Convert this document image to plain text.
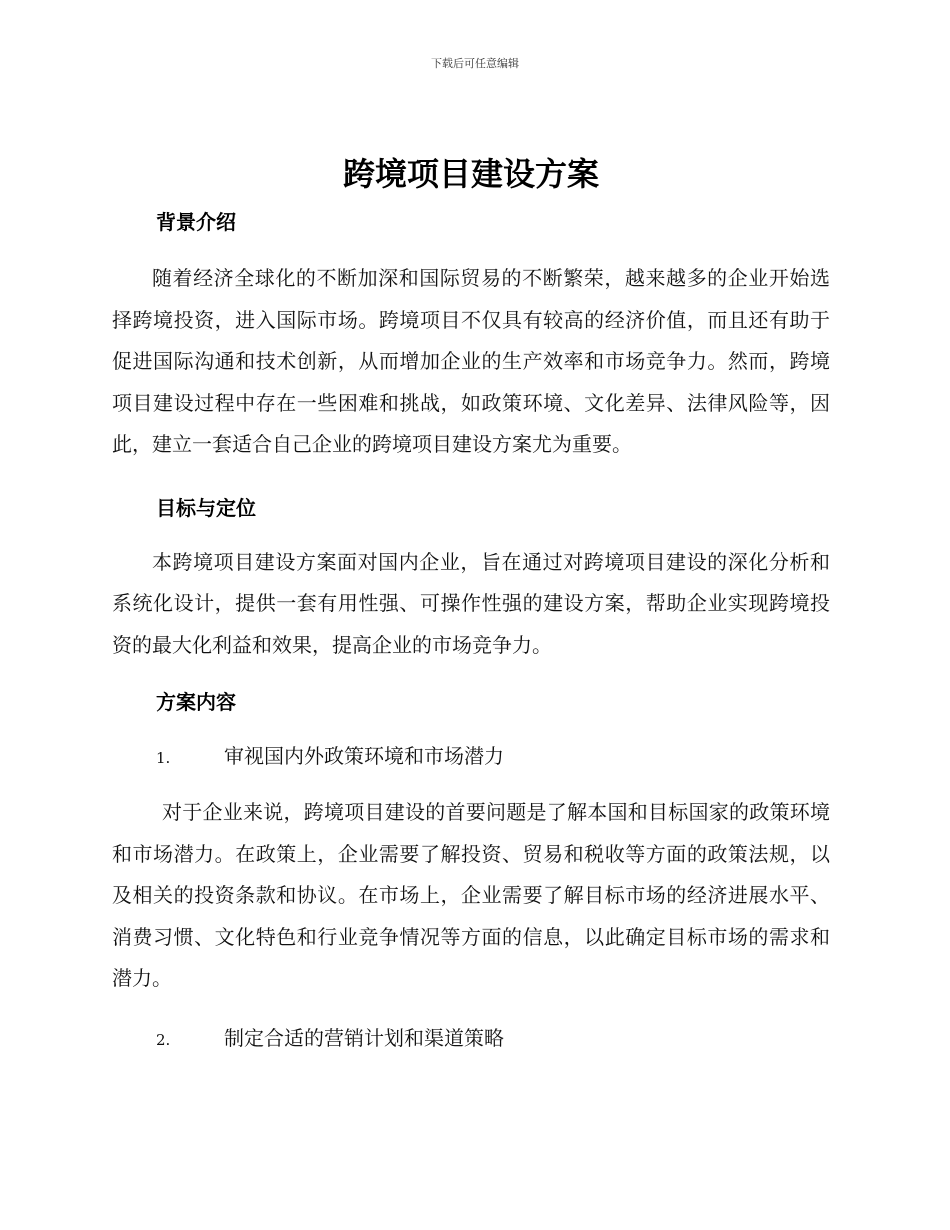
下载后可任意编辑
跨境项目建设方案
背景介绍

随着经济全球化的不断加深和国际贸易的不断繁荣，越来越多的企业开始选择跨境投资，进入国际市场。跨境项目不仅具有较高的经济价值，而且还有助于促进国际沟通和技术创新，从而增加企业的生产效率和市场竞争力。然而，跨境项目建设过程中存在一些困难和挑战，如政策环境、文化差异、法律风险等，因此，建立一套适合自己企业的跨境项目建设方案尤为重要。

目标与定位

本跨境项目建设方案面对国内企业，旨在通过对跨境项目建设的深化分析和系统化设计，提供一套有用性强、可操作性强的建设方案，帮助企业实现跨境投资的最大化利益和效果，提高企业的市场竞争力。

方案内容
1.	审视国内外政策环境和市场潜力

对于企业来说，跨境项目建设的首要问题是了解本国和目标国家的政策环境和市场潜力。在政策上，企业需要了解投资、贸易和税收等方面的政策法规，以及相关的投资条款和协议。在市场上，企业需要了解目标市场的经济进展水平、消费习惯、文化特色和行业竞争情况等方面的信息，以此确定目标市场的需求和潜力。

2.	制定合适的营销计划和渠道策略
